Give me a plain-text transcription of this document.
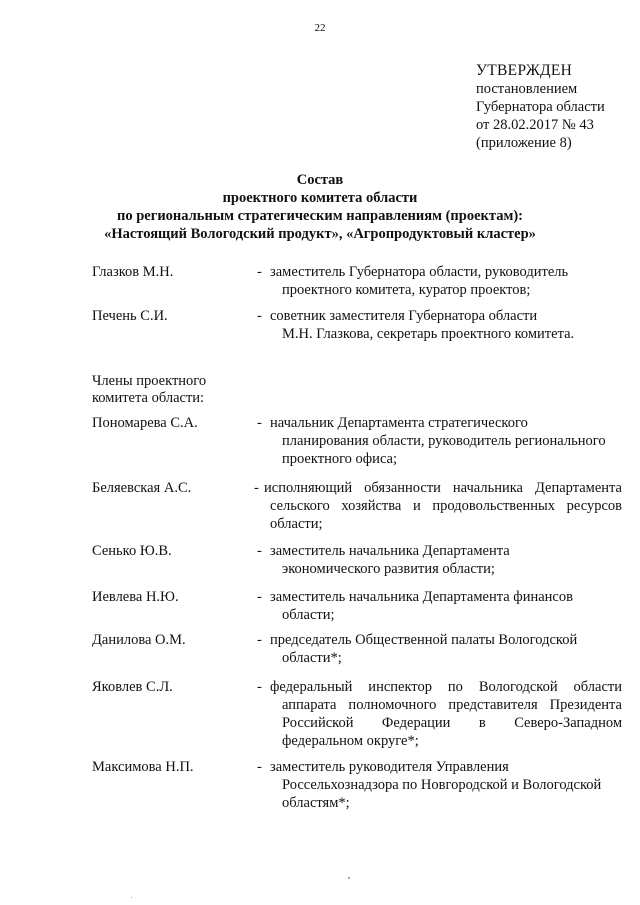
22
УТВЕРЖДЕН
постановлением
Губернатора области
от 28.02.2017 № 43
(приложение 8)
Состав
проектного комитета области
по региональным стратегическим направлениям (проектам):
«Настоящий Вологодский продукт», «Агропродуктовый кластер»
Глазков М.Н.	- заместитель Губернатора области, руководитель
проектного комитета, куратор проектов;
Печень С.И.	- советник заместителя Губернатора области
М.Н. Глазкова, секретарь проектного комитета.
Члены проектного
комитета области:
Пономарева С.А.	- начальник Департамента стратегического
планирования области, руководитель регионального
проектного офиса;
Беляевская А.С.	- исполняющий обязанности начальника Департамента
сельского хозяйства и продовольственных ресурсов
области;
Сенько Ю.В.	- заместитель начальника Департамента
экономического развития области;
Иевлева Н.Ю.	- заместитель начальника Департамента финансов
области;
Данилова О.М.	- председатель Общественной палаты Вологодской
области*;
Яковлев С.Л.	- федеральный инспектор по Вологодской области
аппарата полномочного представителя Президента
Российской Федерации в Северо-Западном
федеральном округе*;
Максимова Н.П.	- заместитель руководителя Управления
Россельхознадзора по Новгородской и Вологодской
областям*;
